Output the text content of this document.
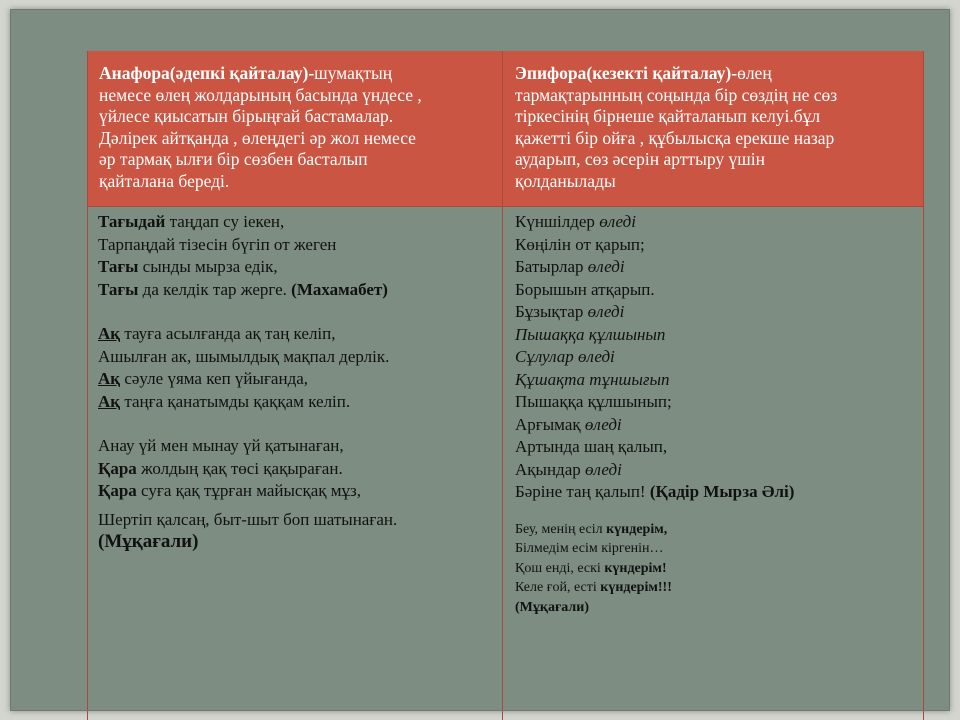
Анафора(әдепкі қайталау)-шумақтың
немесе өлең жолдарының басында үндесе ,
үйлесе қиысатын бірыңғай бастамалар.
Дәлірек айтқанда , өлеңдегі әр жол немесе
әр тармақ ылғи бір сөзбен басталып
қайталана береді.
Эпифора(кезекті қайталау)-өлең
тармақтарынның соңында бір сөздің не сөз
тіркесінің бірнеше қайталанып келуі.бұл
қажетті бір ойға , құбылысқа ерекше назар
аударып, сөз әсерін арттыру үшін
қолданылады
Тағыдай таңдап су іекен,
Тарпаңдай тізесін бүгіп от жеген
Тағы сынды мырза едік,
Тағы да келдік тар жерге. (Махамабет)
Ақ тауға асылғанда ақ таң келіп,
Ашылған ак, шымылдық мақпал дерлік.
Ақ сәуле үяма кеп үйығанда,
Ақ таңға қанатымды қаққам келіп.
Анау үй мен мынау үй қатынаған,
Қара жолдың қақ төсі қақыраған.
Қара суға қақ тұрған майысқақ мұз,
Шертіп қалсаң, быт-шыт боп шатынаған.
(Мұқағали)
Күншілдер өледі
Көңілін от қарып;
Батырлар өледі
Борышын атқарып.
Бұзықтар өледі
Пышаққа құлшынып
Сұлулар өледі
Құшақта тұншығып
Пышаққа құлшынып;
Арғымақ өледі
Артында шаң қалып,
Ақындар өледі
Бәріне таң қалып! (Қадір Мырза Әлі)
Беу, менің есіл күндерім,
Білмедім есім кіргенін…
Қош енді, ескі күндерім!
Келе ғой, есті күндерім!!!
(Мұқағали)
